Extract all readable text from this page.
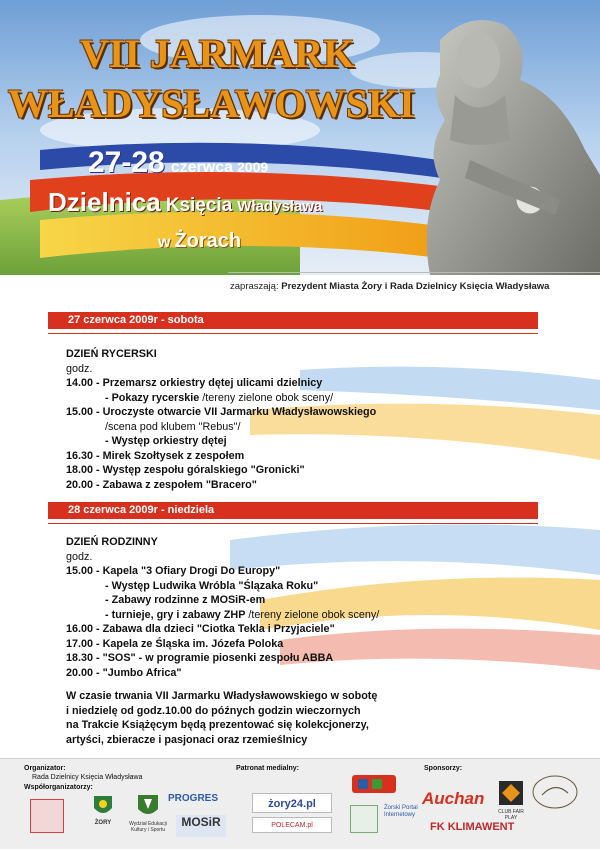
VII JARMARK
WŁADYSŁAWOWSKI
27-28 czerwca 2009
Dzielnica Księcia Władysława
w Żorach
zapraszają: Prezydent Miasta Żory i Rada Dzielnicy Księcia Władysława
27 czerwca 2009r - sobota
DZIEŃ RYCERSKI
godz.
14.00 - Przemarsz orkiestry dętej ulicami dzielnicy
- Pokazy rycerskie /tereny zielone obok sceny/
15.00 - Uroczyste otwarcie VII Jarmarku Władysławowskiego
/scena pod klubem "Rebus"/
- Występ orkiestry dętej
16.30 - Mirek Szołtysek z zespołem
18.00 - Występ zespołu góralskiego "Gronicki"
20.00 - Zabawa z zespołem "Bracero"
28 czerwca 2009r - niedziela
DZIEŃ RODZINNY
godz.
15.00 - Kapela "3 Ofiary Drogi Do Europy"
- Występ Ludwika Wróbla "Ślązaka Roku"
- Zabawy rodzinne z MOSiR-em
- turnieje, gry i zabawy ZHP /tereny zielone obok sceny/
16.00 - Zabawa dla dzieci "Ciotka Tekla i Przyjaciele"
17.00 - Kapela ze Śląska im. Józefa Poloka
18.30 - "SOS" - w programie piosenki zespołu ABBA
20.00 - "Jumbo Africa"
W czasie trwania VII Jarmarku Władysławowskiego w sobotę
i niedzielę od godz.10.00 do późnych godzin wieczornych
na Trakcie Książęcym będą prezentować się kolekcjonerzy,
artyści, zbieracze i pasjonaci oraz rzemieślnicy
Organizator:
Rada Dzielnicy Księcia Władysława
Współorganizatorzy:
Patronat medialny:	Sponsorzy:
ŻORY	Wydział Edukacji Kultury i Sportu
PROGRES
MOSiR
żory24.pl
POLECAM.pl
Żorski Portal Internetowy
Auchan
CLUB FAIR PLAY
FK KLIMAWENT
